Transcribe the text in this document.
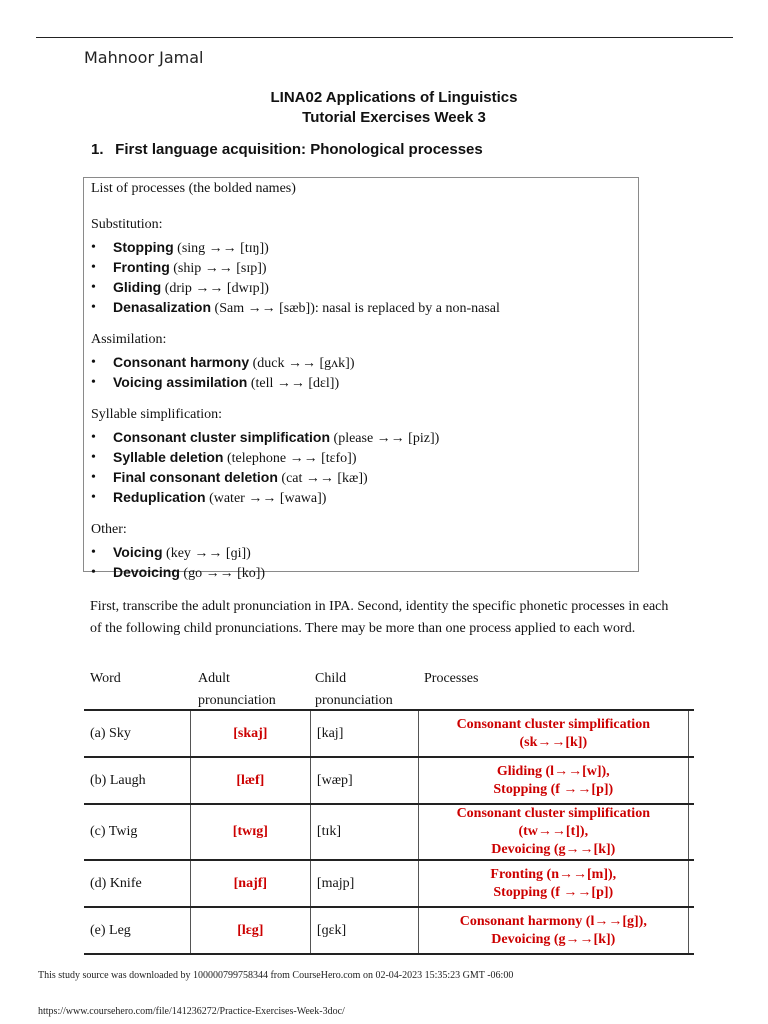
Mahnoor Jamal
LINA02 Applications of Linguistics
Tutorial Exercises Week 3
1. First language acquisition: Phonological processes
List of processes (the bolded names)
Substitution:
• Stopping (sing →→ [tɪŋ])
• Fronting (ship →→ [sɪp])
• Gliding (drip →→ [dwɪp])
• Denasalization (Sam →→ [sæb]): nasal is replaced by a non-nasal
Assimilation:
• Consonant harmony (duck →→ [gʌk])
• Voicing assimilation (tell →→ [dɛl])
Syllable simplification:
• Consonant cluster simplification (please →→ [piz])
• Syllable deletion (telephone →→ [tɛfo])
• Final consonant deletion (cat →→ [kæ])
• Reduplication (water →→ [wawa])
Other:
• Voicing (key →→ [ɡi])
• Devoicing (go →→ [ko])
First, transcribe the adult pronunciation in IPA. Second, identity the specific phonetic processes in each of the following child pronunciations. There may be more than one process applied to each word.
Word	Adult pronunciation
Child pronunciation
Processes
(a) Sky	[skaj]	[kaj]	Consonant cluster simplification
(sk→→[k])	

(b) Laugh	[læf]	[wæp]	Gliding (l→→[w]),
Stopping (f →→[p])	

(c) Twig	[twɪg]	[tɪk]	Consonant cluster simplification
(tw→→[t]),
Devoicing (g→→[k])	

(d) Knife	[najf]	[majp]	Fronting (n→→[m]),
Stopping (f →→[p])	

(e) Leg	[lɛg]	[ɡɛk]	Consonant harmony (l→→[g]),
Devoicing (g→→[k])	

This study source was downloaded by 100000799758344 from CourseHero.com on 02-04-2023 15:35:23 GMT -06:00
https://www.coursehero.com/file/141236272/Practice-Exercises-Week-3doc/
